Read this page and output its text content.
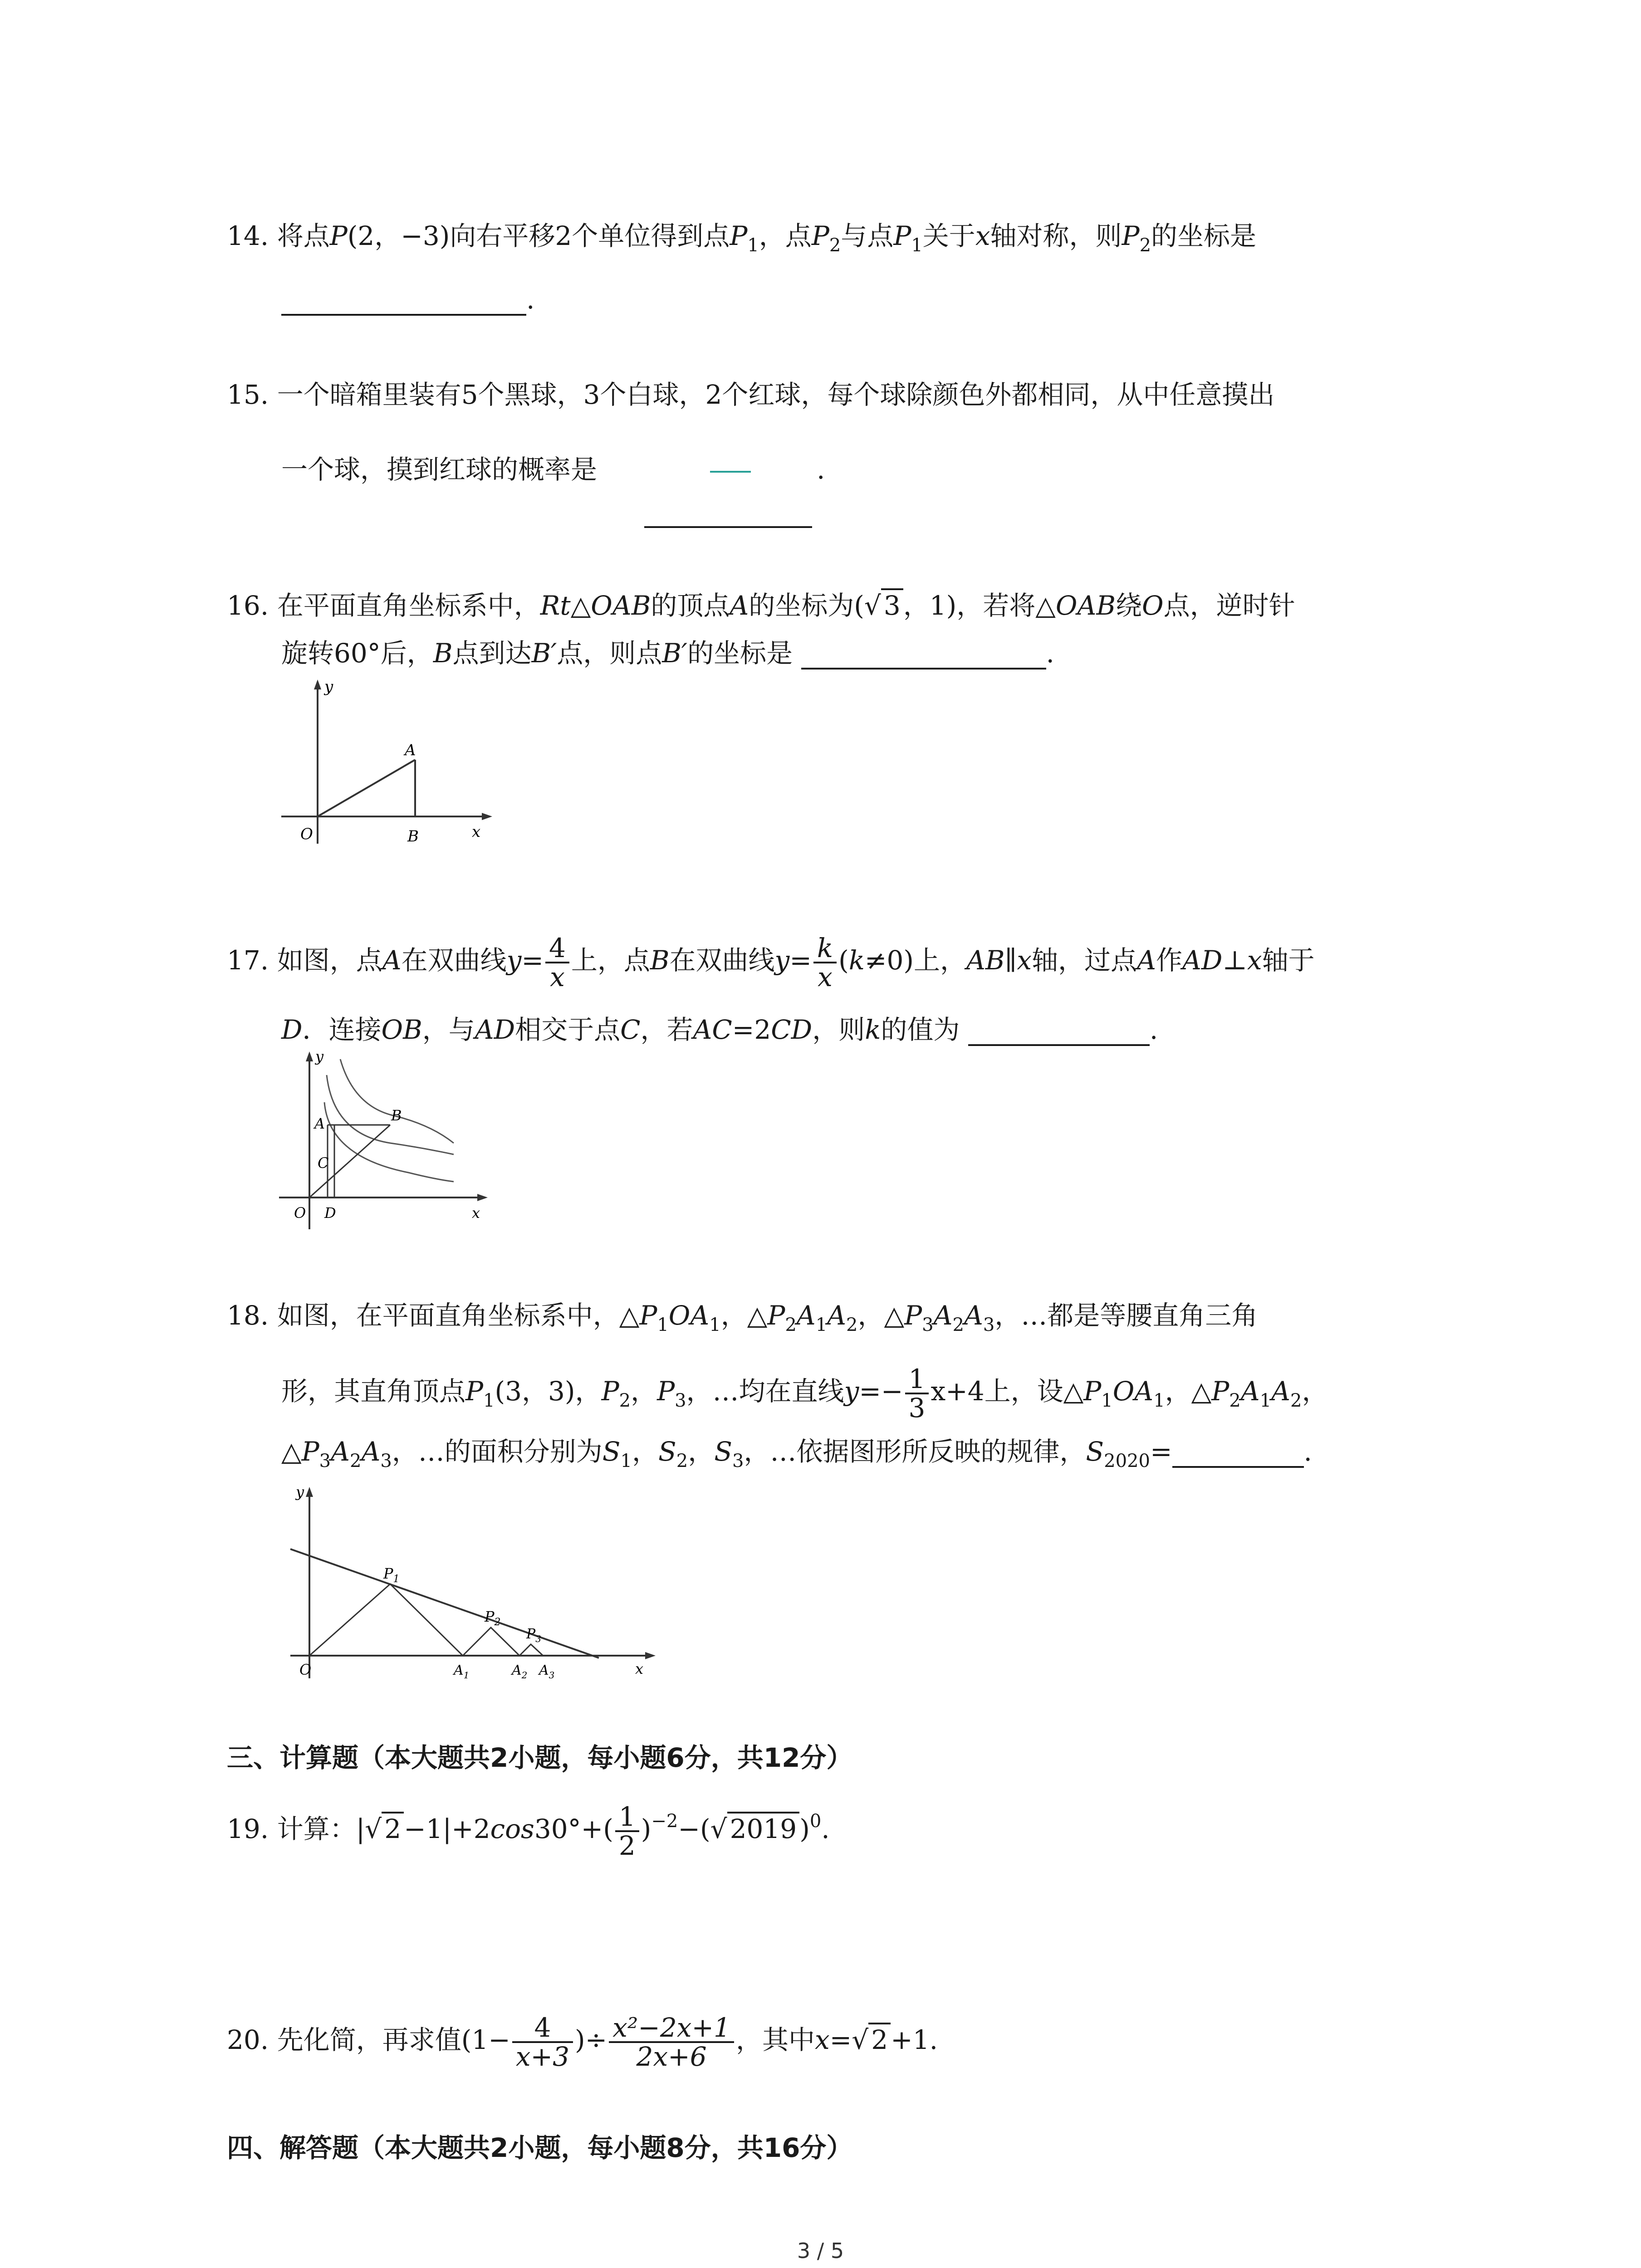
14. 将点P(2，−3)向右平移2个单位得到点$P_1$，点$P_2$与点$P_1$关于x轴对称，则$P_2$的坐标是
.
15. 一个暗箱里装有5个黑球，3个白球，2个红球，每个球除颜色外都相同，从中任意摸出
一个球，摸到红球的概率是	.
16. 在平面直角坐标系中，Rt△OAB的顶点A的坐标为(√ 3 ，1)，若将△OAB绕O点，逆时针
旋转60°后，B点到达B′点，则点B′的坐标是	.
y
x
O
A
B
17. 如图，点A在双曲线$y= \frac{4}{x}$ 上，点B在双曲线$y= \frac{k}{x} (k\ne 0)$上，AB∥x轴，过点A作AD⊥x轴于
D．连接OB，与AD相交于点C，若AC=2CD，则k的值为	.
y
x
O
A	B
C
D
18. 如图，在平面直角坐标系中，$\triangle P_1OA_1$，$\triangle P_2A_1A_2$，$\triangle P_3A_2A_3$，…都是等腰直角三角
形，其直角顶点$P_1(3$，3)，$P_2$，$P_3$，…均在直线$y=- \frac{1}{3} x+4$上，设$\triangle P_1OA_1$，$\triangle P_2A_1A_2$，
$\triangle P_3A_2A_3$，…的面积分别为$S_1$，$S_2$，$S_3$，…依据图形所反映的规律，$S_{2020}=$	.
y
x
O
$P_1$
$P_2$
$P_3$
$A_1$	$A_2$ $A_3$
三、计算题（本大题共2小题，每小题6分，共12分）
19. 计算：|√ $2 -1|+2\cos 30^\circ+( \frac{1}{2} )^{-2}-(√$ 2019 )$^0$.
20. 先化简，再求值($1- \frac{4}{x+3}$ )÷ $\frac{\text{x²−2x+1}}{2x+6}$ ，其中x=√ 2 +1.
四、解答题（本大题共2小题，每小题8分，共16分）
3 / 5
